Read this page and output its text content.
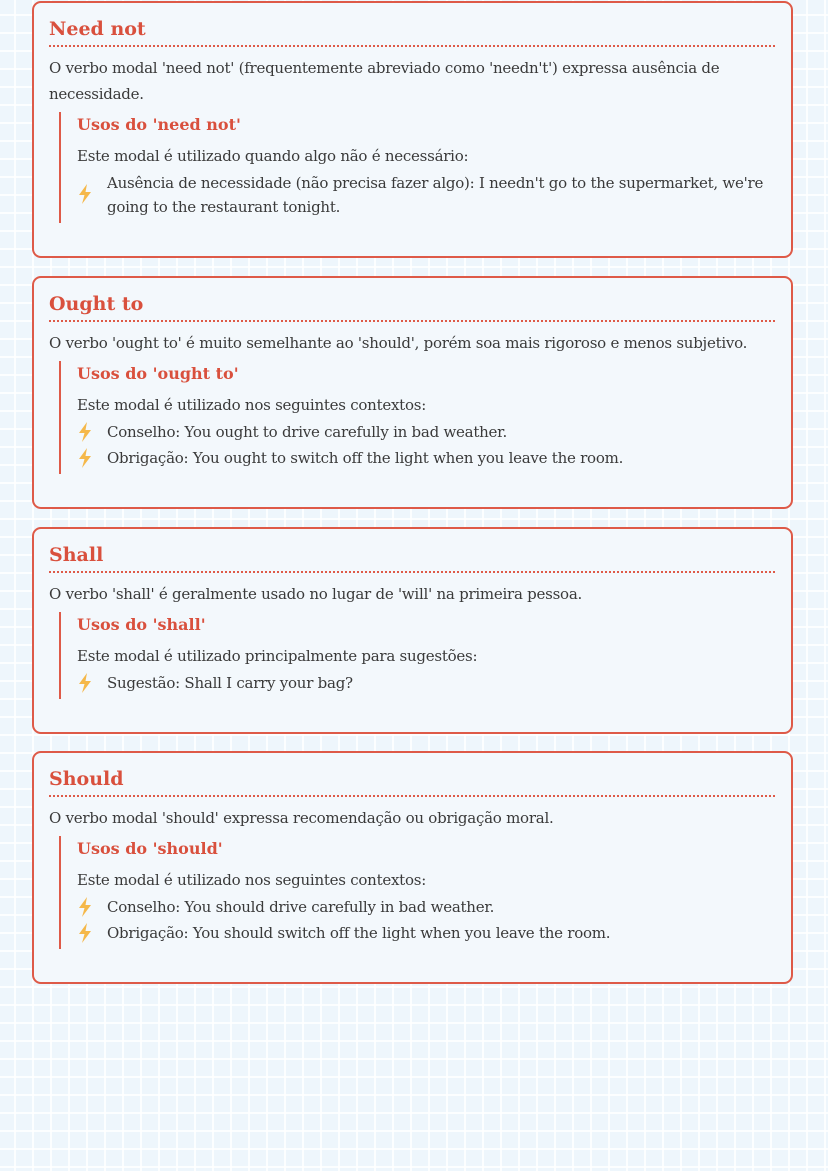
Need not

O verbo modal 'need not' (frequentemente abreviado como 'needn't') expressa ausência de necessidade.

Usos do 'need not'

Este modal é utilizado quando algo não é necessário:

Ausência de necessidade (não precisa fazer algo): I needn't go to the supermarket, we're going to the restaurant tonight.
Ought to

O verbo 'ought to' é muito semelhante ao 'should', porém soa mais rigoroso e menos subjetivo.

Usos do 'ought to'

Este modal é utilizado nos seguintes contextos:

Conselho: You ought to drive carefully in bad weather.
Obrigação: You ought to switch off the light when you leave the room.
Shall

O verbo 'shall' é geralmente usado no lugar de 'will' na primeira pessoa.

Usos do 'shall'

Este modal é utilizado principalmente para sugestões:

Sugestão: Shall I carry your bag?
Should

O verbo modal 'should' expressa recomendação ou obrigação moral.

Usos do 'should'

Este modal é utilizado nos seguintes contextos:

Conselho: You should drive carefully in bad weather.
Obrigação: You should switch off the light when you leave the room.
